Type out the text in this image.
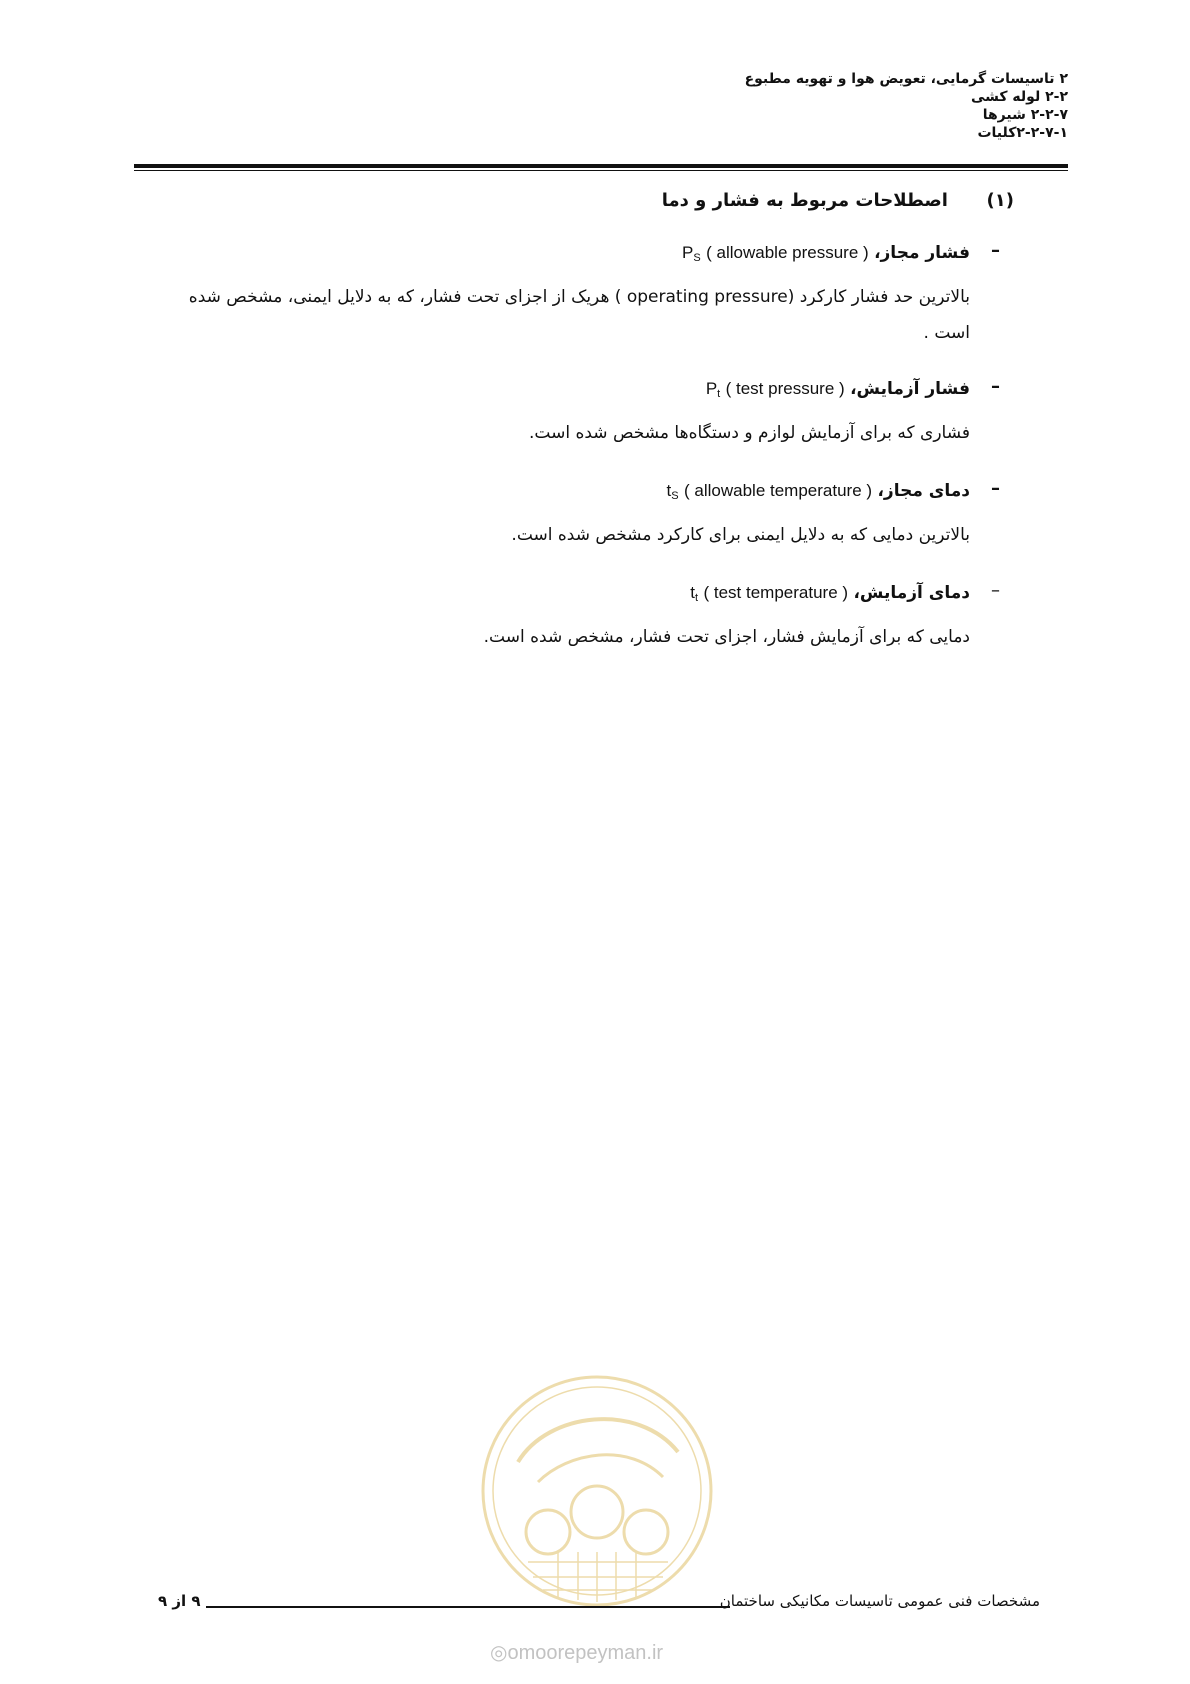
۲ تاسیسات گرمایی، تعویض هوا و تهویه مطبوع
۲-۲ لوله کشی
۲-۲-۷ شیرها
۲-۲-۷-۱کلیات
(۱)  اصطلاحات مربوط به فشار و دما
–
فشار مجاز، $P_S$ ( allowable pressure )
بالاترین حد فشار کارکرد (operating pressure ) هریک از اجزای تحت فشار، که به دلایل ایمنی، مشخص شده
است .
–
فشار آزمایش، $P_t$ ( test pressure )
فشاری که برای آزمایش لوازم و دستگاه‌ها مشخص شده است.
–
دمای مجاز، $t_S$ ( allowable temperature )
بالاترین دمایی که به دلایل ایمنی برای کارکرد مشخص شده است.
–
دمای آزمایش، $t_t$ ( test temperature )
دمایی که برای آزمایش فشار، اجزای تحت فشار، مشخص شده است.
◎omoorepeyman.ir
مشخصات فنی عمومی تاسیسات مکانیکی ساختمان
۹ از ۹
